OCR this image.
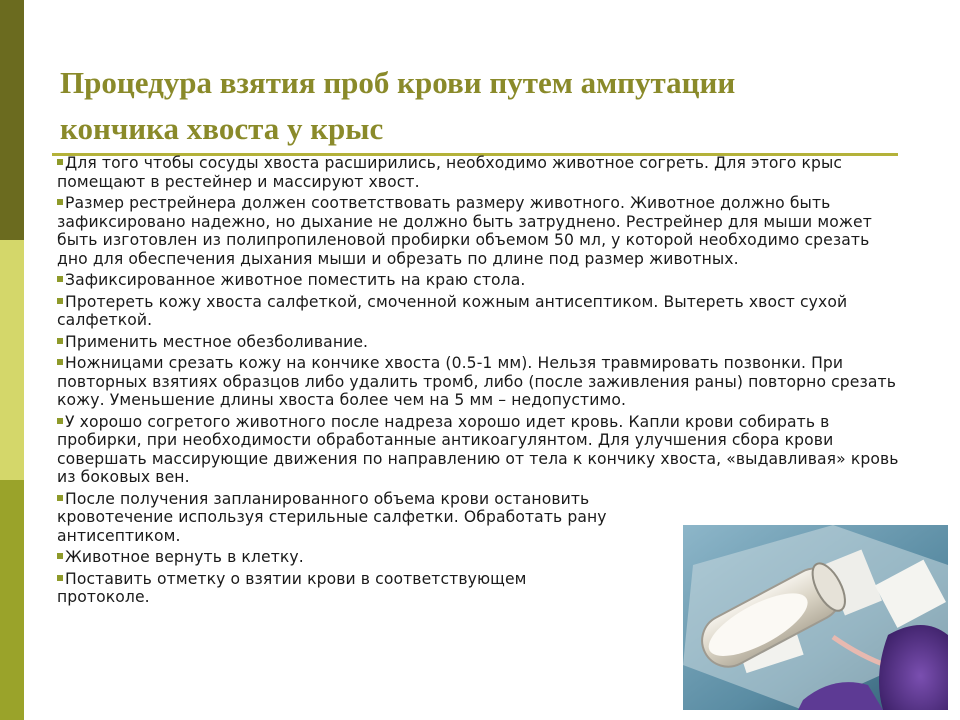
Процедура взятия проб крови путем ампутации
кончика хвоста у крыс
Для того чтобы сосуды хвоста расширились, необходимо животное согреть. Для этого крыс помещают в рестейнер и массируют хвост.
Размер рестрейнера должен соответствовать размеру животного. Животное должно быть зафиксировано надежно, но дыхание не должно быть затруднено. Рестрейнер для мыши может быть изготовлен из полипропиленовой пробирки объемом 50 мл, у которой необходимо срезать дно для обеспечения дыхания мыши и обрезать по длине под размер животных.
Зафиксированное животное поместить на краю стола.
Протереть кожу хвоста салфеткой, смоченной кожным антисептиком. Вытереть хвост сухой салфеткой.
Применить местное обезболивание.
Ножницами срезать кожу на кончике хвоста (0.5-1 мм). Нельзя травмировать позвонки. При повторных взятиях образцов либо удалить тромб, либо (после заживления раны) повторно срезать кожу. Уменьшение длины хвоста более чем на 5 мм – недопустимо.
У хорошо согретого животного после надреза хорошо идет кровь. Капли крови собирать в пробирки, при необходимости обработанные антикоагулянтом. Для улучшения сбора крови совершать массирующие движения по направлению от тела к кончику хвоста, «выдавливая» кровь из боковых вен.
После получения запланированного объема крови остановить кровотечение используя стерильные салфетки. Обработать рану антисептиком.
Животное вернуть в клетку.
Поставить отметку о взятии крови в соответствующем протоколе.
